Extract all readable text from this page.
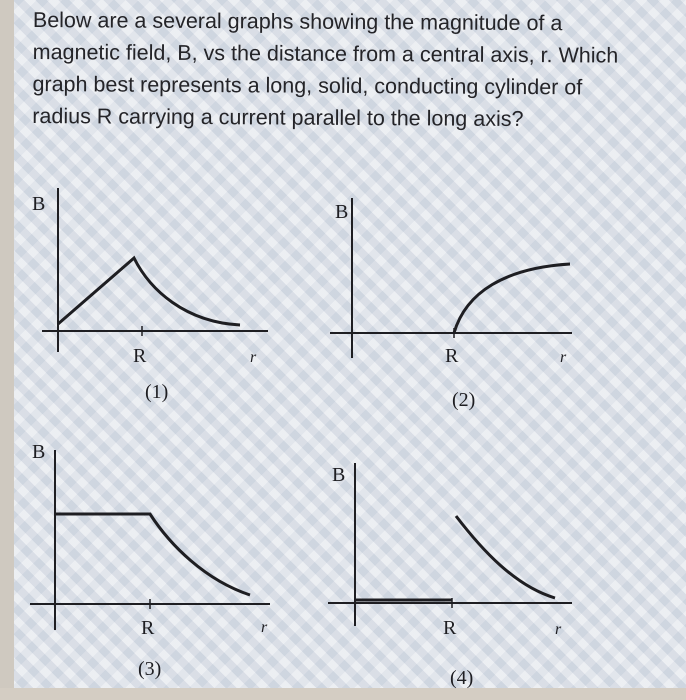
Below are a several graphs showing the magnitude of a
magnetic field, B, vs the distance from a central axis, r. Which
graph best represents a long, solid, conducting cylinder of
radius R carrying a current parallel to the long axis?
B
R	r
(1)
B
R	r
(2)
B
R	r
(3)
B
R	r
(4)
